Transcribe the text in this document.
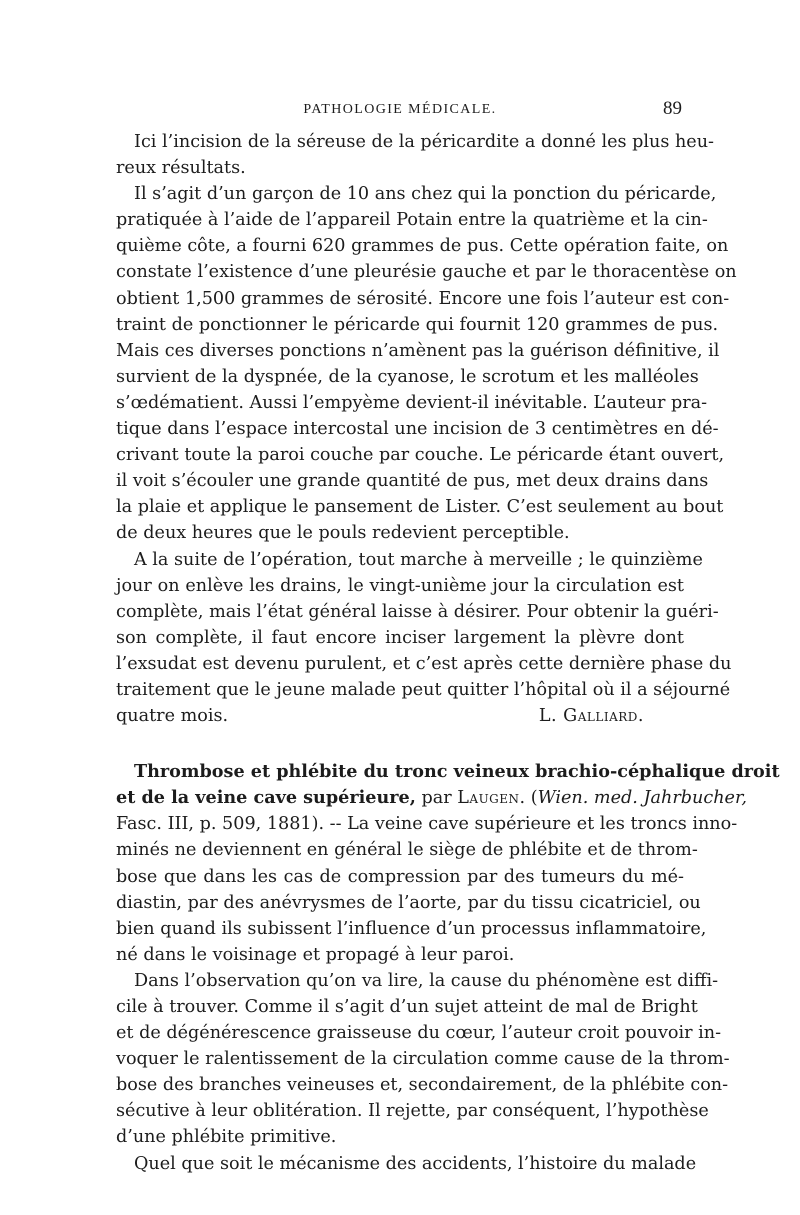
PATHOLOGIE MÉDICALE.	89
Ici l’incision de la séreuse de la péricardite a donné les plus heu-
reux résultats.
Il s’agit d’un garçon de 10 ans chez qui la ponction du péricarde,
pratiquée à l’aide de l’appareil Potain entre la quatrième et la cin-
quième côte, a fourni 620 grammes de pus. Cette opération faite, on
constate l’existence d’une pleurésie gauche et par le thoracentèse on
obtient 1,500 grammes de sérosité. Encore une fois l’auteur est con-
traint de ponctionner le péricarde qui fournit 120 grammes de pus.
Mais ces diverses ponctions n’amènent pas la guérison définitive, il
survient de la dyspnée, de la cyanose, le scrotum et les malléoles
s’œdématient. Aussi l’empyème devient-il inévitable. L’auteur pra-
tique dans l’espace intercostal une incision de 3 centimètres en dé-
crivant toute la paroi couche par couche. Le péricarde étant ouvert,
il voit s’écouler une grande quantité de pus, met deux drains dans
la plaie et applique le pansement de Lister. C’est seulement au bout
de deux heures que le pouls redevient perceptible.
A la suite de l’opération, tout marche à merveille ; le quinzième
jour on enlève les drains, le vingt-unième jour la circulation est
complète, mais l’état général laisse à désirer. Pour obtenir la guéri-
son complète, il faut encore inciser largement la plèvre dont
l’exsudat est devenu purulent, et c’est après cette dernière phase du
traitement que le jeune malade peut quitter l’hôpital où il a séjourné
quatre mois.	L. Galliard.
Thrombose et phlébite du tronc veineux brachio-céphalique droit
et de la veine cave supérieure, par Laugen. (Wien. med. Jahrbucher,
Fasc. III, p. 509, 1881). -- La veine cave supérieure et les troncs inno-
minés ne deviennent en général le siège de phlébite et de throm-
bose que dans les cas de compression par des tumeurs du mé-
diastin, par des anévrysmes de l’aorte, par du tissu cicatriciel, ou
bien quand ils subissent l’influence d’un processus inflammatoire,
né dans le voisinage et propagé à leur paroi.
Dans l’observation qu’on va lire, la cause du phénomène est diffi-
cile à trouver. Comme il s’agit d’un sujet atteint de mal de Bright
et de dégénérescence graisseuse du cœur, l’auteur croit pouvoir in-
voquer le ralentissement de la circulation comme cause de la throm-
bose des branches veineuses et, secondairement, de la phlébite con-
sécutive à leur oblitération. Il rejette, par conséquent, l’hypothèse
d’une phlébite primitive.
Quel que soit le mécanisme des accidents, l’histoire du malade
